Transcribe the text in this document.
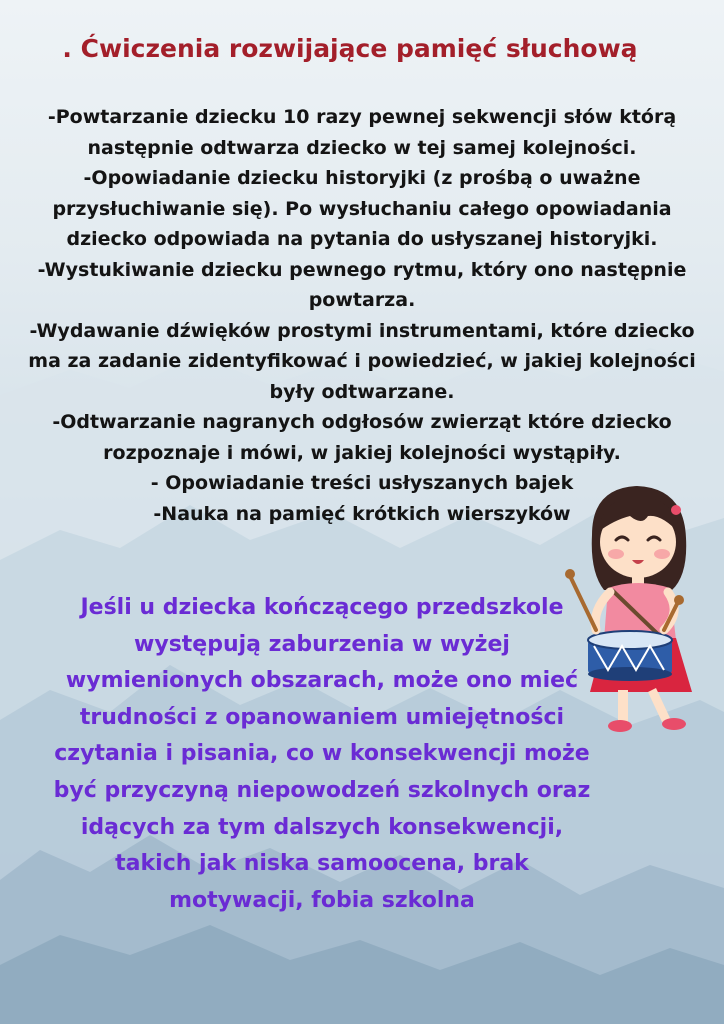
. Ćwiczenia rozwijające pamięć słuchową

-Powtarzanie dziecku 10 razy pewnej sekwencji słów którą następnie odtwarza dziecko w tej samej kolejności.

-Opowiadanie dziecku historyjki (z prośbą o uważne przysłuchiwanie się). Po wysłuchaniu całego opowiadania dziecko odpowiada na pytania do usłyszanej historyjki.

-Wystukiwanie dziecku pewnego rytmu, który ono następnie powtarza.

-Wydawanie dźwięków prostymi instrumentami, które dziecko ma za zadanie zidentyfikować i powiedzieć, w jakiej kolejności były odtwarzane.

-Odtwarzanie nagranych odgłosów zwierząt które dziecko rozpoznaje i mówi, w jakiej kolejności wystąpiły.

- Opowiadanie treści usłyszanych bajek

-Nauka na pamięć krótkich wierszyków

Jeśli u dziecka kończącego przedszkole występują zaburzenia w wyżej wymienionych obszarach, może ono mieć trudności z opanowaniem umiejętności czytania i pisania, co w konsekwencji może być przyczyną niepowodzeń szkolnych oraz idących za tym dalszych konsekwencji, takich jak niska samoocena, brak motywacji, fobia szkolna
